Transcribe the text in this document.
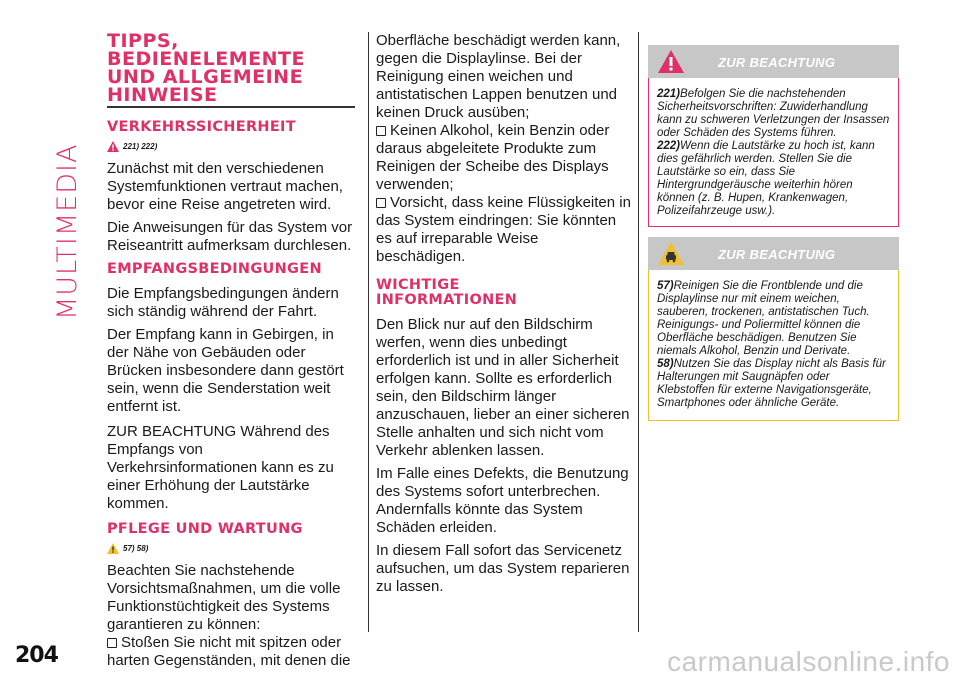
MULTIMEDIA
TIPPS, BEDIENELEMENTE UND ALLGEMEINE HINWEISE
VERKEHRSSICHERHEIT
221) 222)

Zunächst mit den verschiedenen Systemfunktionen vertraut machen, bevor eine Reise angetreten wird.

Die Anweisungen für das System vor Reiseantritt aufmerksam durchlesen.

EMPFANGSBEDINGUNGEN

Die Empfangsbedingungen ändern sich ständig während der Fahrt.

Der Empfang kann in Gebirgen, in der Nähe von Gebäuden oder Brücken insbesondere dann gestört sein, wenn die Senderstation weit entfernt ist.

ZUR BEACHTUNG Während des Empfangs von Verkehrsinformationen kann es zu einer Erhöhung der Lautstärke kommen.

PFLEGE UND WARTUNG
57) 58)

Beachten Sie nachstehende Vorsichtsmaßnahmen, um die volle Funktionstüchtigkeit des Systems garantieren zu können:

Stoßen Sie nicht mit spitzen oder harten Gegenständen, mit denen die

Oberfläche beschädigt werden kann, gegen die Displaylinse. Bei der Reinigung einen weichen und antistatischen Lappen benutzen und keinen Druck ausüben;

Keinen Alkohol, kein Benzin oder daraus abgeleitete Produkte zum Reinigen der Scheibe des Displays verwenden;

Vorsicht, dass keine Flüssigkeiten in das System eindringen: Sie könnten es auf irreparable Weise beschädigen.

WICHTIGE INFORMATIONEN

Den Blick nur auf den Bildschirm werfen, wenn dies unbedingt erforderlich ist und in aller Sicherheit erfolgen kann. Sollte es erforderlich sein, den Bildschirm länger anzuschauen, lieber an einer sicheren Stelle anhalten und sich nicht vom Verkehr ablenken lassen.

Im Falle eines Defekts, die Benutzung des Systems sofort unterbrechen. Andernfalls könnte das System Schäden erleiden.

In diesem Fall sofort das Servicenetz aufsuchen, um das System reparieren zu lassen.

ZUR BEACHTUNG
221)Befolgen Sie die nachstehenden Sicherheitsvorschriften: Zuwiderhandlung kann zu schweren Verletzungen der Insassen oder Schäden des Systems führen.
222)Wenn die Lautstärke zu hoch ist, kann dies gefährlich werden. Stellen Sie die Lautstärke so ein, dass Sie Hintergrundgeräusche weiterhin hören können (z. B. Hupen, Krankenwagen, Polizeifahrzeuge usw.).
ZUR BEACHTUNG
57)Reinigen Sie die Frontblende und die Displaylinse nur mit einem weichen, sauberen, trockenen, antistatischen Tuch. Reinigungs- und Poliermittel können die Oberfläche beschädigen. Benutzen Sie niemals Alkohol, Benzin und Derivate.
58)Nutzen Sie das Display nicht als Basis für Halterungen mit Saugnäpfen oder Klebstoffen für externe Navigationsgeräte, Smartphones oder ähnliche Geräte.
204	carmanualsonline.info
